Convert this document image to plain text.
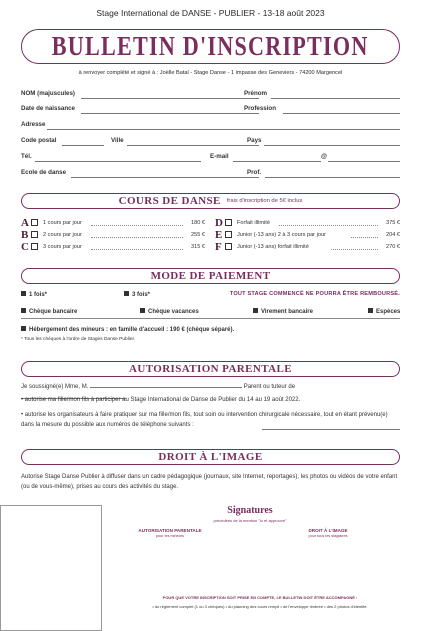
Stage International de DANSE - PUBLIER - 13-18 août 2023
BULLETIN D'INSCRIPTION
à renvoyer complété et signé à : Joëlle Batal - Stage Danse - 1 impasse des Geneviers - 74200 Margencel
NOM (majuscules)	Prénom
Date de naissance	Profession
Adresse
Code postal	Ville	Pays
Tél.	E-mail	@
Ecole de danse	Prof.
COURS DE DANSE frais d'inscription de 5€ inclus
A	1 cours par jour	180 €
B	2 cours par jour	255 €
C	3 cours par jour	315 €
D	Forfait illimité	375 €
E	Junior (-13 ans) 2 à 3 cours par jour	204 €
F	Junior (-13 ans) forfait illimité	270 €
MODE DE PAIEMENT
1 fois*	3 fois*	TOUT STAGE COMMENCÉ NE POURRA ÊTRE REMBOURSÉ.
Chèque bancaire	Chèque vacances	Virement bancaire	Espèces
Hébergement des mineurs : en famille d'accueil : 190 € (chèque séparé).
* Tous les chèques à l'ordre de Stages Danse Publier.
AUTORISATION PARENTALE
Je soussigné(e) Mme, M.	Parent ou tuteur de
• autorise ma fille/mon fils à participer au Stage International de Danse de Publier du 14 au 19 août 2022.
• autorise les organisateurs à faire pratiquer sur ma fille/mon fils, tout soin ou intervention chirurgicale nécessaire, tout en étant prévenu(e) dans la mesure du possible aux numéros de téléphone suivants :
DROIT À L'IMAGE
Autorise Stage Danse Publier à diffuser dans un cadre pédagogique (journaux, site Internet, reportages), les photos ou vidéos de votre enfant (ou de vous-même), prises au cours des activités du stage.
Signatures
précédées de la mention "lu et approuvé"
AUTORISATION PARENTALE
pour les mineurs
DROIT À L'IMAGE
pour tous les stagiaires
POUR QUE VOTRE INSCRIPTION SOIT PRISE EN COMPTE, LE BULLETIN DOIT ÊTRE ACCOMPAGNÉ :
• du règlement complet (1 ou 3 chèques) • du planning des cours rempli • de l'enveloppe timbrée • des 2 photos d'identité.
